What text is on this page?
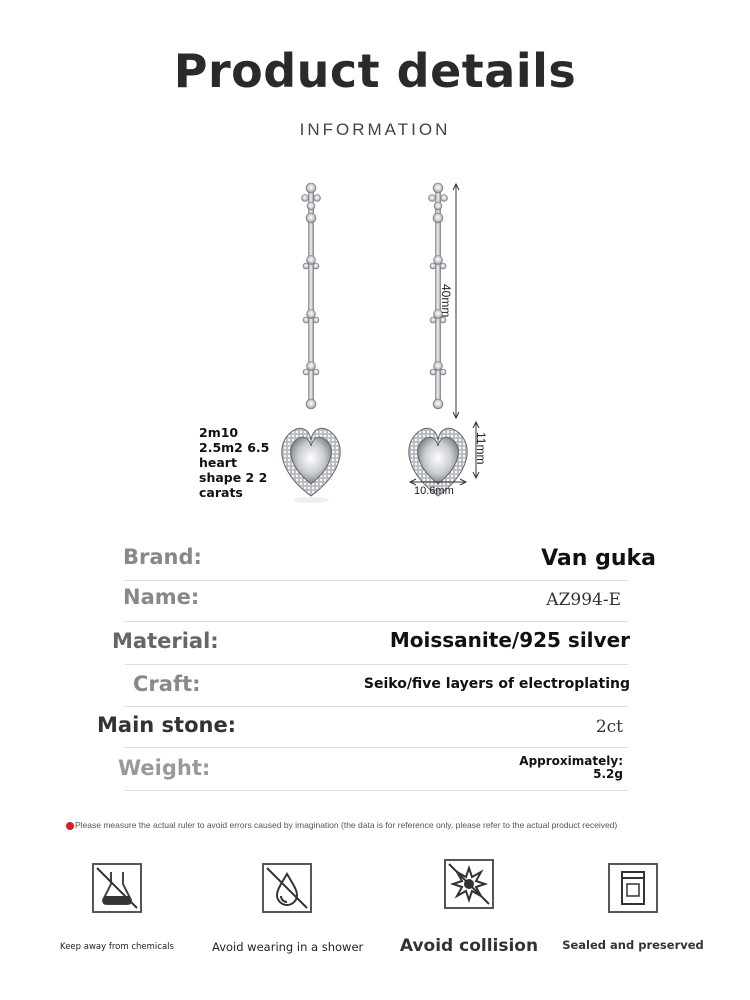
Product details
INFORMATION
2m10
2.5m2 6.5
heart
shape 2 2
carats
40mm
11mm
10.6mm
Brand:	Van guka
Name:	AZ994-E
Material:	Moissanite/925 silver
Craft:	Seiko/five layers of electroplating
Main stone:	2ct
Weight:	Approximately:
5.2g
Please measure the actual ruler to avoid errors caused by imagination (the data is for reference only, please refer to the actual product received)
Keep away from chemicals	Avoid wearing in a shower	Avoid collision	Sealed and preserved
